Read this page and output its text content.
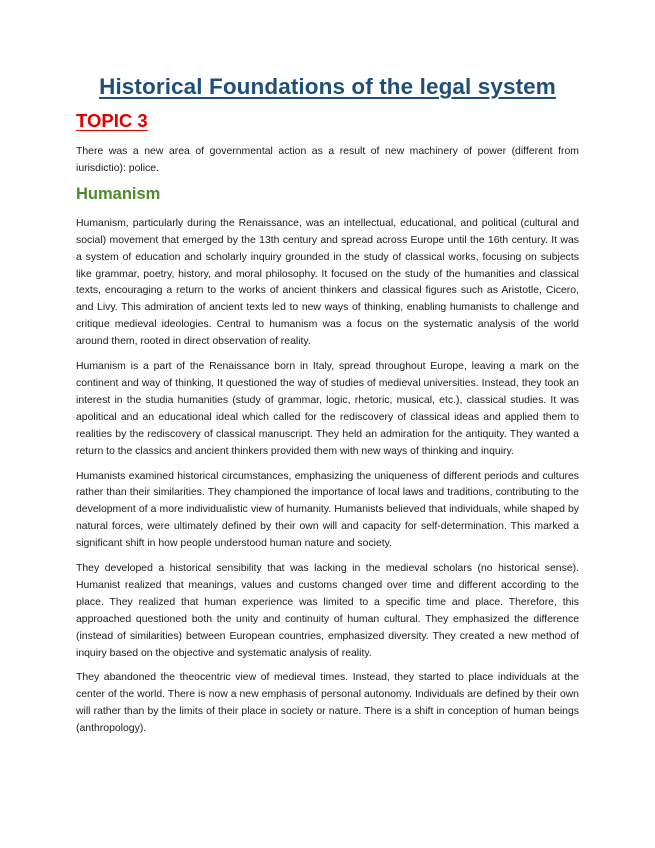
Historical Foundations of the legal system
TOPIC 3

There was a new area of governmental action as a result of new machinery of power (different from iurisdictio): police.

Humanism

Humanism, particularly during the Renaissance, was an intellectual, educational, and political (cultural and social) movement that emerged by the 13th century and spread across Europe until the 16th century. It was a system of education and scholarly inquiry grounded in the study of classical works, focusing on subjects like grammar, poetry, history, and moral philosophy. It focused on the study of the humanities and classical texts, encouraging a return to the works of ancient thinkers and classical figures such as Aristotle, Cicero, and Livy. This admiration of ancient texts led to new ways of thinking, enabling humanists to challenge and critique medieval ideologies. Central to humanism was a focus on the systematic analysis of the world around them, rooted in direct observation of reality.

Humanism is a part of the Renaissance born in Italy, spread throughout Europe, leaving a mark on the continent and way of thinking, It questioned the way of studies of medieval universities. Instead, they took an interest in the studia humanities (study of grammar, logic, rhetoric, musical, etc.), classical studies. It was apolitical and an educational ideal which called for the rediscovery of classical ideas and applied them to realities by the rediscovery of classical manuscript. They held an admiration for the antiquity. They wanted a return to the classics and ancient thinkers provided them with new ways of thinking and inquiry.

Humanists examined historical circumstances, emphasizing the uniqueness of different periods and cultures rather than their similarities. They championed the importance of local laws and traditions, contributing to the development of a more individualistic view of humanity. Humanists believed that individuals, while shaped by natural forces, were ultimately defined by their own will and capacity for self-determination. This marked a significant shift in how people understood human nature and society.

They developed a historical sensibility that was lacking in the medieval scholars (no historical sense). Humanist realized that meanings, values and customs changed over time and different according to the place. They realized that human experience was limited to a specific time and place. Therefore, this approached questioned both the unity and continuity of human cultural. They emphasized the difference (instead of similarities) between European countries, emphasized diversity. They created a new method of inquiry based on the objective and systematic analysis of reality.

They abandoned the theocentric view of medieval times. Instead, they started to place individuals at the center of the world. There is now a new emphasis of personal autonomy. Individuals are defined by their own will rather than by the limits of their place in society or nature. There is a shift in conception of human beings (anthropology).
